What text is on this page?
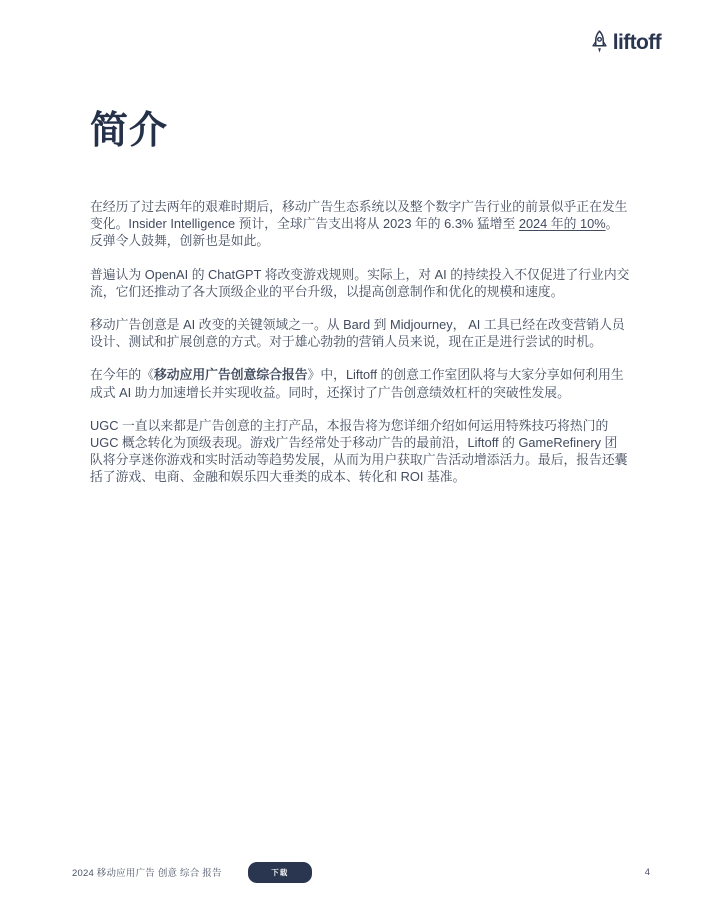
liftoff
简介

在经历了过去两年的艰难时期后，移动广告生态系统以及整个数字广告行业的前景似乎正在发生变化。Insider Intelligence 预计，全球广告支出将从 2023 年的 6.3% 猛增至 2024 年的 10%。反弹令人鼓舞，创新也是如此。

普遍认为 OpenAI 的 ChatGPT 将改变游戏规则。实际上，对 AI 的持续投入不仅促进了行业内交流，它们还推动了各大顶级企业的平台升级，以提高创意制作和优化的规模和速度。

移动广告创意是 AI 改变的关键领域之一。从 Bard 到 Midjourney， AI 工具已经在改变营销人员设计、测试和扩展创意的方式。对于雄心勃勃的营销人员来说，现在正是进行尝试的时机。

在今年的《移动应用广告创意综合报告》中，Liftoff 的创意工作室团队将与大家分享如何利用生成式 AI 助力加速增长并实现收益。同时，还探讨了广告创意绩效杠杆的突破性发展。

UGC 一直以来都是广告创意的主打产品，本报告将为您详细介绍如何运用特殊技巧将热门的 UGC 概念转化为顶级表现。游戏广告经常处于移动广告的最前沿，Liftoff 的 GameRefinery 团队将分享迷你游戏和实时活动等趋势发展，从而为用户获取广告活动增添活力。最后，报告还囊括了游戏、电商、金融和娱乐四大垂类的成本、转化和 ROI 基准。

2024 移动应用广告 创意 综合 报告	下载	4
